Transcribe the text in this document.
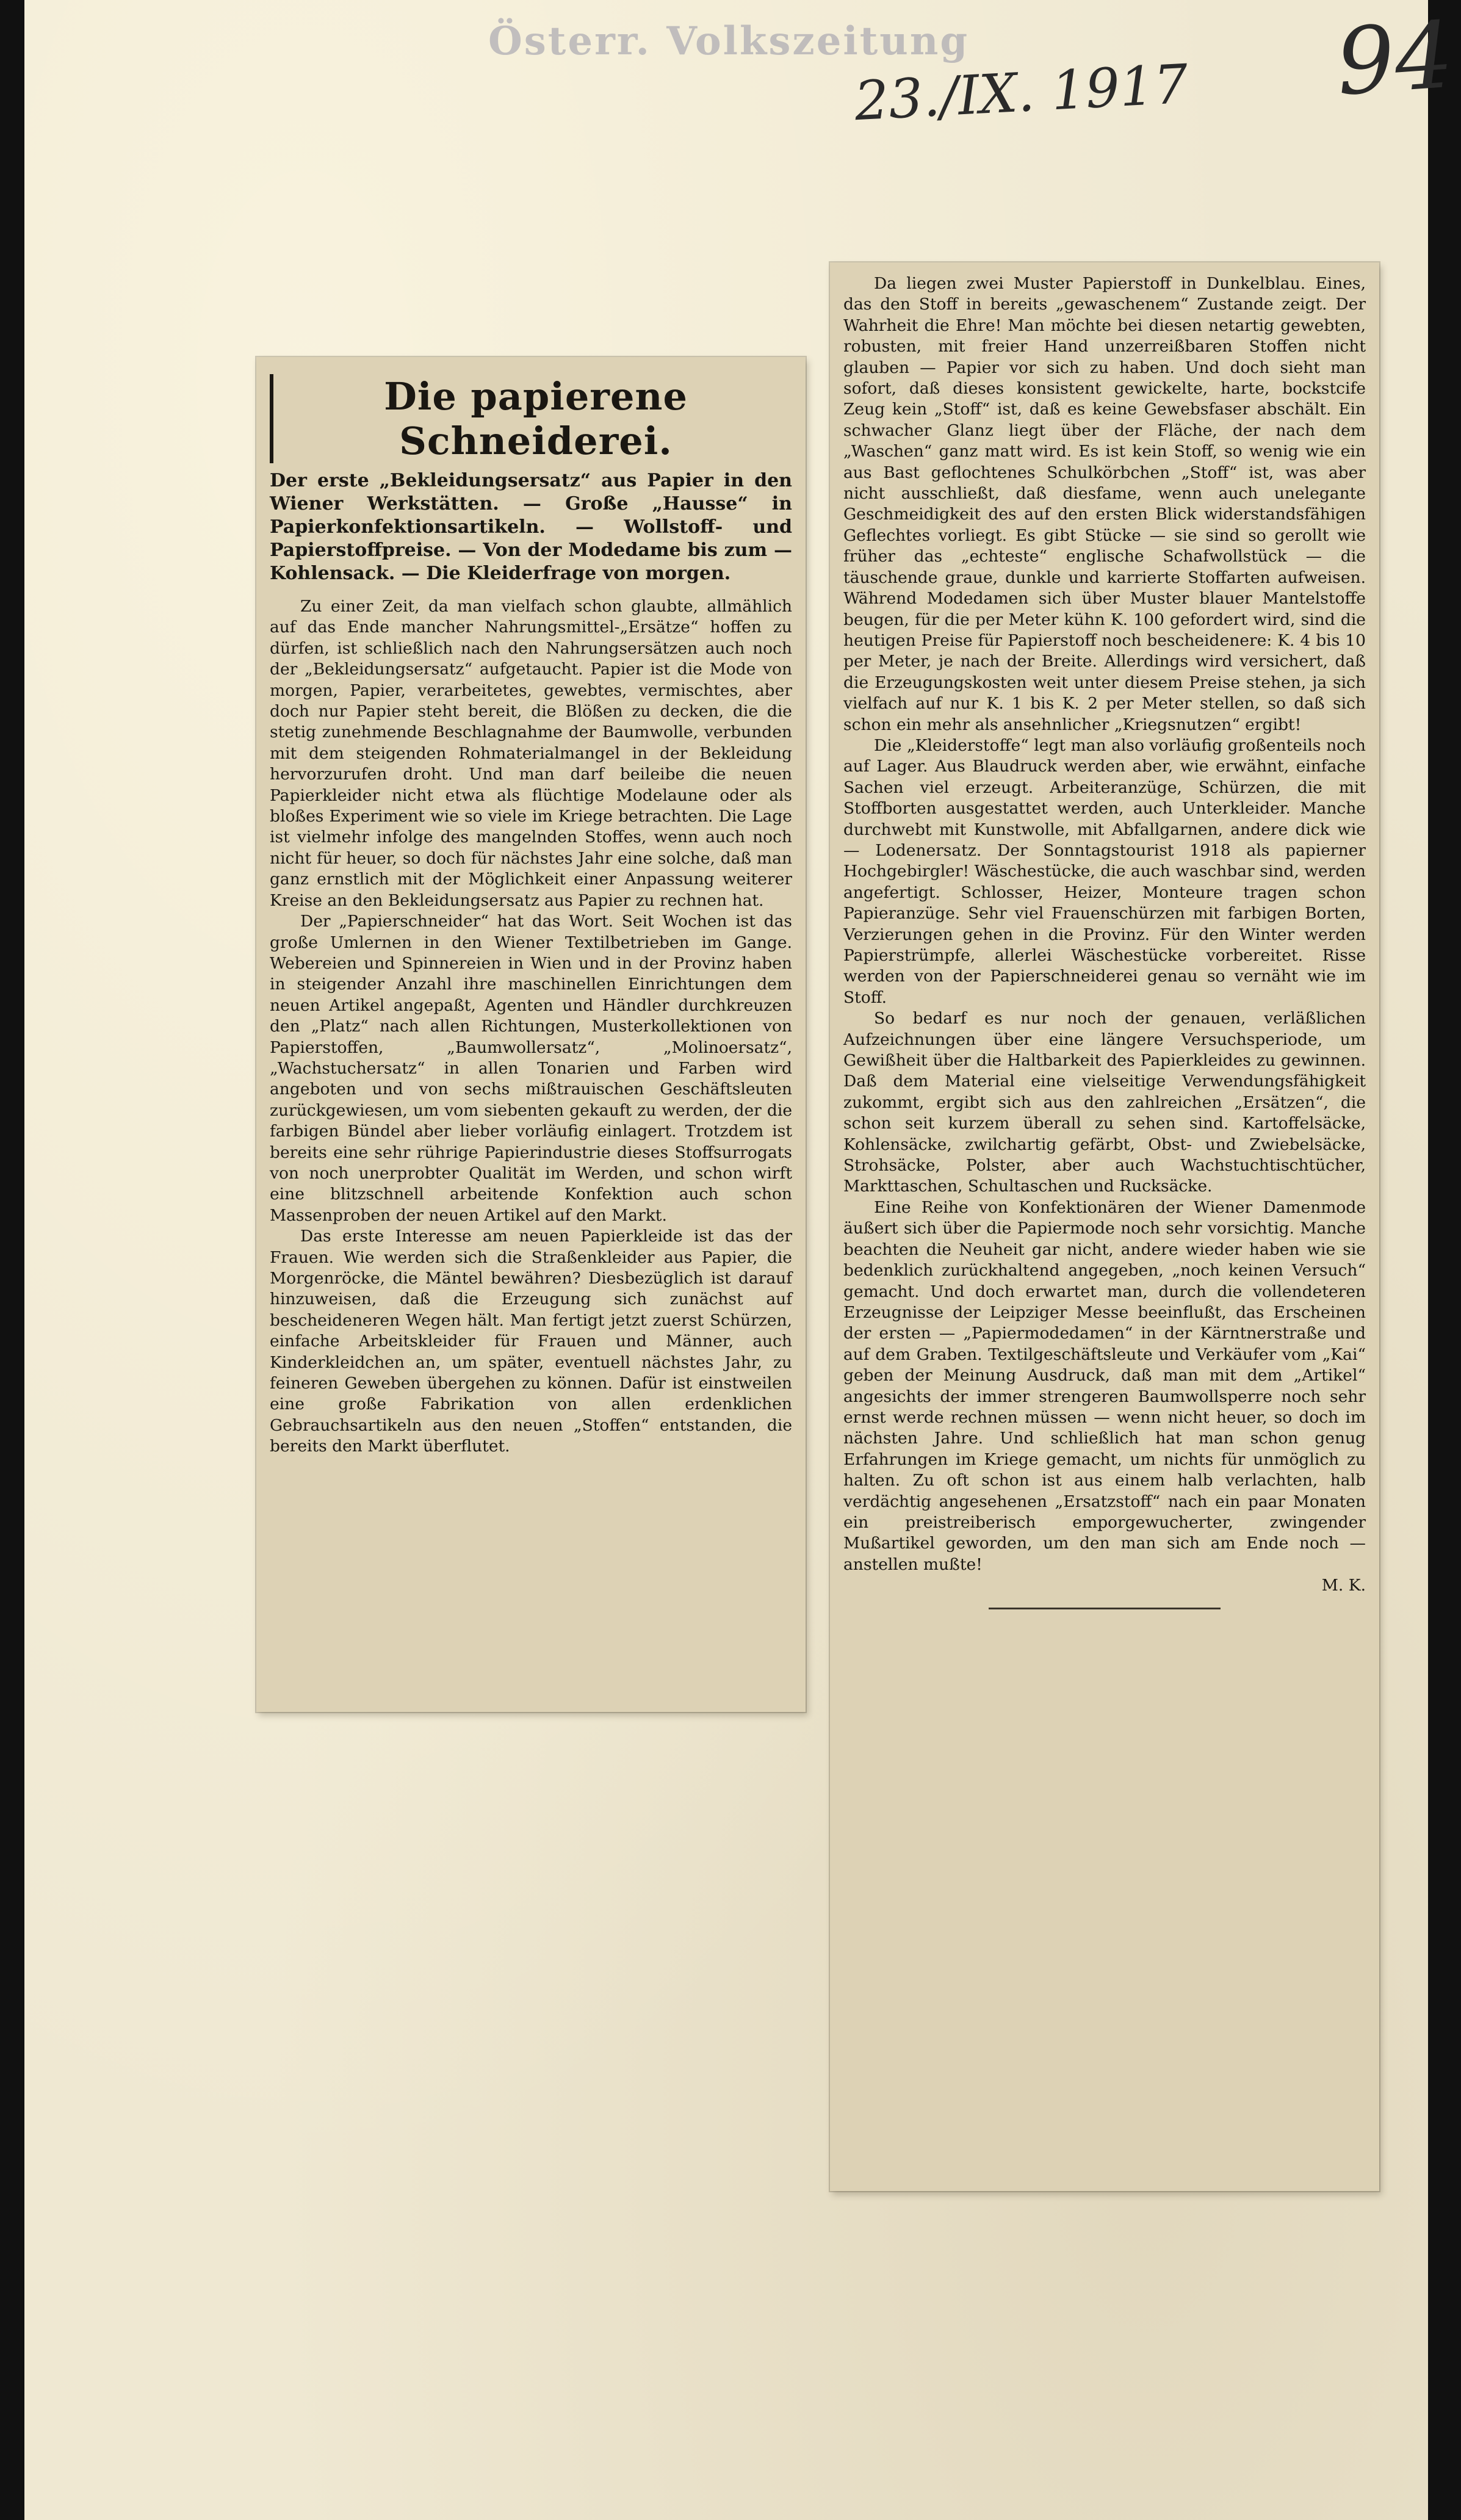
Österr. Volkszeitung
23./IX. 1917 94
Die papierene Schneiderei.
Der erste „Bekleidungsersatz“ aus Papier in den Wiener Werkstätten. — Große „Hausse“ in Papierkonfektionsartikeln. — Wollstoff- und Papierstoffpreise. — Von der Modedame bis zum — Kohlensack. — Die Kleiderfrage von morgen.

Zu einer Zeit, da man vielfach schon glaubte, allmählich auf das Ende mancher Nahrungsmittel-„Ersätze“ hoffen zu dürfen, ist schließlich nach den Nahrungsersätzen auch noch der „Bekleidungsersatz“ aufgetaucht. Papier ist die Mode von morgen, Papier, verarbeitetes, gewebtes, vermischtes, aber doch nur Papier steht bereit, die Blößen zu decken, die die stetig zunehmende Beschlagnahme der Baumwolle, verbunden mit dem steigenden Rohmaterialmangel in der Bekleidung hervorzurufen droht. Und man darf beileibe die neuen Papierkleider nicht etwa als flüchtige Modelaune oder als bloßes Experiment wie so viele im Kriege betrachten. Die Lage ist vielmehr infolge des mangelnden Stoffes, wenn auch noch nicht für heuer, so doch für nächstes Jahr eine solche, daß man ganz ernstlich mit der Möglichkeit einer Anpassung weiterer Kreise an den Bekleidungsersatz aus Papier zu rechnen hat.

Der „Papierschneider“ hat das Wort. Seit Wochen ist das große Umlernen in den Wiener Textilbetrieben im Gange. Webereien und Spinnereien in Wien und in der Provinz haben in steigender Anzahl ihre maschinellen Einrichtungen dem neuen Artikel angepaßt, Agenten und Händler durchkreuzen den „Platz“ nach allen Richtungen, Musterkollektionen von Papierstoffen, „Baumwollersatz“, „Molinoersatz“, „Wachstuchersatz“ in allen Tonarien und Farben wird angeboten und von sechs mißtrauischen Geschäftsleuten zurückgewiesen, um vom siebenten gekauft zu werden, der die farbigen Bündel aber lieber vorläufig einlagert. Trotzdem ist bereits eine sehr rührige Papierindustrie dieses Stoffsurrogats von noch unerprobter Qualität im Werden, und schon wirft eine blitzschnell arbeitende Konfektion auch schon Massenproben der neuen Artikel auf den Markt.

Das erste Interesse am neuen Papierkleide ist das der Frauen. Wie werden sich die Straßenkleider aus Papier, die Morgenröcke, die Mäntel bewähren? Diesbezüglich ist darauf hinzuweisen, daß die Erzeugung sich zunächst auf bescheideneren Wegen hält. Man fertigt jetzt zuerst Schürzen, einfache Arbeitskleider für Frauen und Männer, auch Kinderkleidchen an, um später, eventuell nächstes Jahr, zu feineren Geweben übergehen zu können. Dafür ist einstweilen eine große Fabrikation von allen erdenklichen Gebrauchsartikeln aus den neuen „Stoffen“ entstanden, die bereits den Markt überflutet.

Da liegen zwei Muster Papierstoff in Dunkelblau. Eines, das den Stoff in bereits „gewaschenem“ Zustande zeigt. Der Wahrheit die Ehre! Man möchte bei diesen netartig gewebten, robusten, mit freier Hand unzerreißbaren Stoffen nicht glauben — Papier vor sich zu haben. Und doch sieht man sofort, daß dieses konsistent gewickelte, harte, bockstcife Zeug kein „Stoff“ ist, daß es keine Gewebsfaser abschält. Ein schwacher Glanz liegt über der Fläche, der nach dem „Waschen“ ganz matt wird. Es ist kein Stoff, so wenig wie ein aus Bast geflochtenes Schulkörbchen „Stoff“ ist, was aber nicht ausschließt, daß diesfame, wenn auch unelegante Geschmeidigkeit des auf den ersten Blick widerstandsfähigen Geflechtes vorliegt. Es gibt Stücke — sie sind so gerollt wie früher das „echteste“ englische Schafwollstück — die täuschende graue, dunkle und karrierte Stoffarten aufweisen. Während Modedamen sich über Muster blauer Mantelstoffe beugen, für die per Meter kühn K. 100 gefordert wird, sind die heutigen Preise für Papierstoff noch bescheidenere: K. 4 bis 10 per Meter, je nach der Breite. Allerdings wird versichert, daß die Erzeugungskosten weit unter diesem Preise stehen, ja sich vielfach auf nur K. 1 bis K. 2 per Meter stellen, so daß sich schon ein mehr als ansehnlicher „Kriegsnutzen“ ergibt!

Die „Kleiderstoffe“ legt man also vorläufig großenteils noch auf Lager. Aus Blaudruck werden aber, wie erwähnt, einfache Sachen viel erzeugt. Arbeiteranzüge, Schürzen, die mit Stoffborten ausgestattet werden, auch Unterkleider. Manche durchwebt mit Kunstwolle, mit Abfallgarnen, andere dick wie — Lodenersatz. Der Sonntagstourist 1918 als papierner Hochgebirgler! Wäschestücke, die auch waschbar sind, werden angefertigt. Schlosser, Heizer, Monteure tragen schon Papieranzüge. Sehr viel Frauenschürzen mit farbigen Borten, Verzierungen gehen in die Provinz. Für den Winter werden Papierstrümpfe, allerlei Wäschestücke vorbereitet. Risse werden von der Papierschneiderei genau so vernäht wie im Stoff.

So bedarf es nur noch der genauen, verläßlichen Aufzeichnungen über eine längere Versuchsperiode, um Gewißheit über die Haltbarkeit des Papierkleides zu gewinnen. Daß dem Material eine vielseitige Verwendungsfähigkeit zukommt, ergibt sich aus den zahlreichen „Ersätzen“, die schon seit kurzem überall zu sehen sind. Kartoffelsäcke, Kohlensäcke, zwilchartig gefärbt, Obst- und Zwiebelsäcke, Strohsäcke, Polster, aber auch Wachstuchtischtücher, Markttaschen, Schultaschen und Rucksäcke.

Eine Reihe von Konfektionären der Wiener Damenmode äußert sich über die Papiermode noch sehr vorsichtig. Manche beachten die Neuheit gar nicht, andere wieder haben wie sie bedenklich zurückhaltend angegeben, „noch keinen Versuch“ gemacht. Und doch erwartet man, durch die vollendeteren Erzeugnisse der Leipziger Messe beeinflußt, das Erscheinen der ersten — „Papiermodedamen“ in der Kärntnerstraße und auf dem Graben. Textilgeschäftsleute und Verkäufer vom „Kai“ geben der Meinung Ausdruck, daß man mit dem „Artikel“ angesichts der immer strengeren Baumwollsperre noch sehr ernst werde rechnen müssen — wenn nicht heuer, so doch im nächsten Jahre. Und schließlich hat man schon genug Erfahrungen im Kriege gemacht, um nichts für unmöglich zu halten. Zu oft schon ist aus einem halb verlachten, halb verdächtig angesehenen „Ersatzstoff“ nach ein paar Monaten ein preistreiberisch emporgewucherter, zwingender Mußartikel geworden, um den man sich am Ende noch — anstellen mußte!

M. K.
